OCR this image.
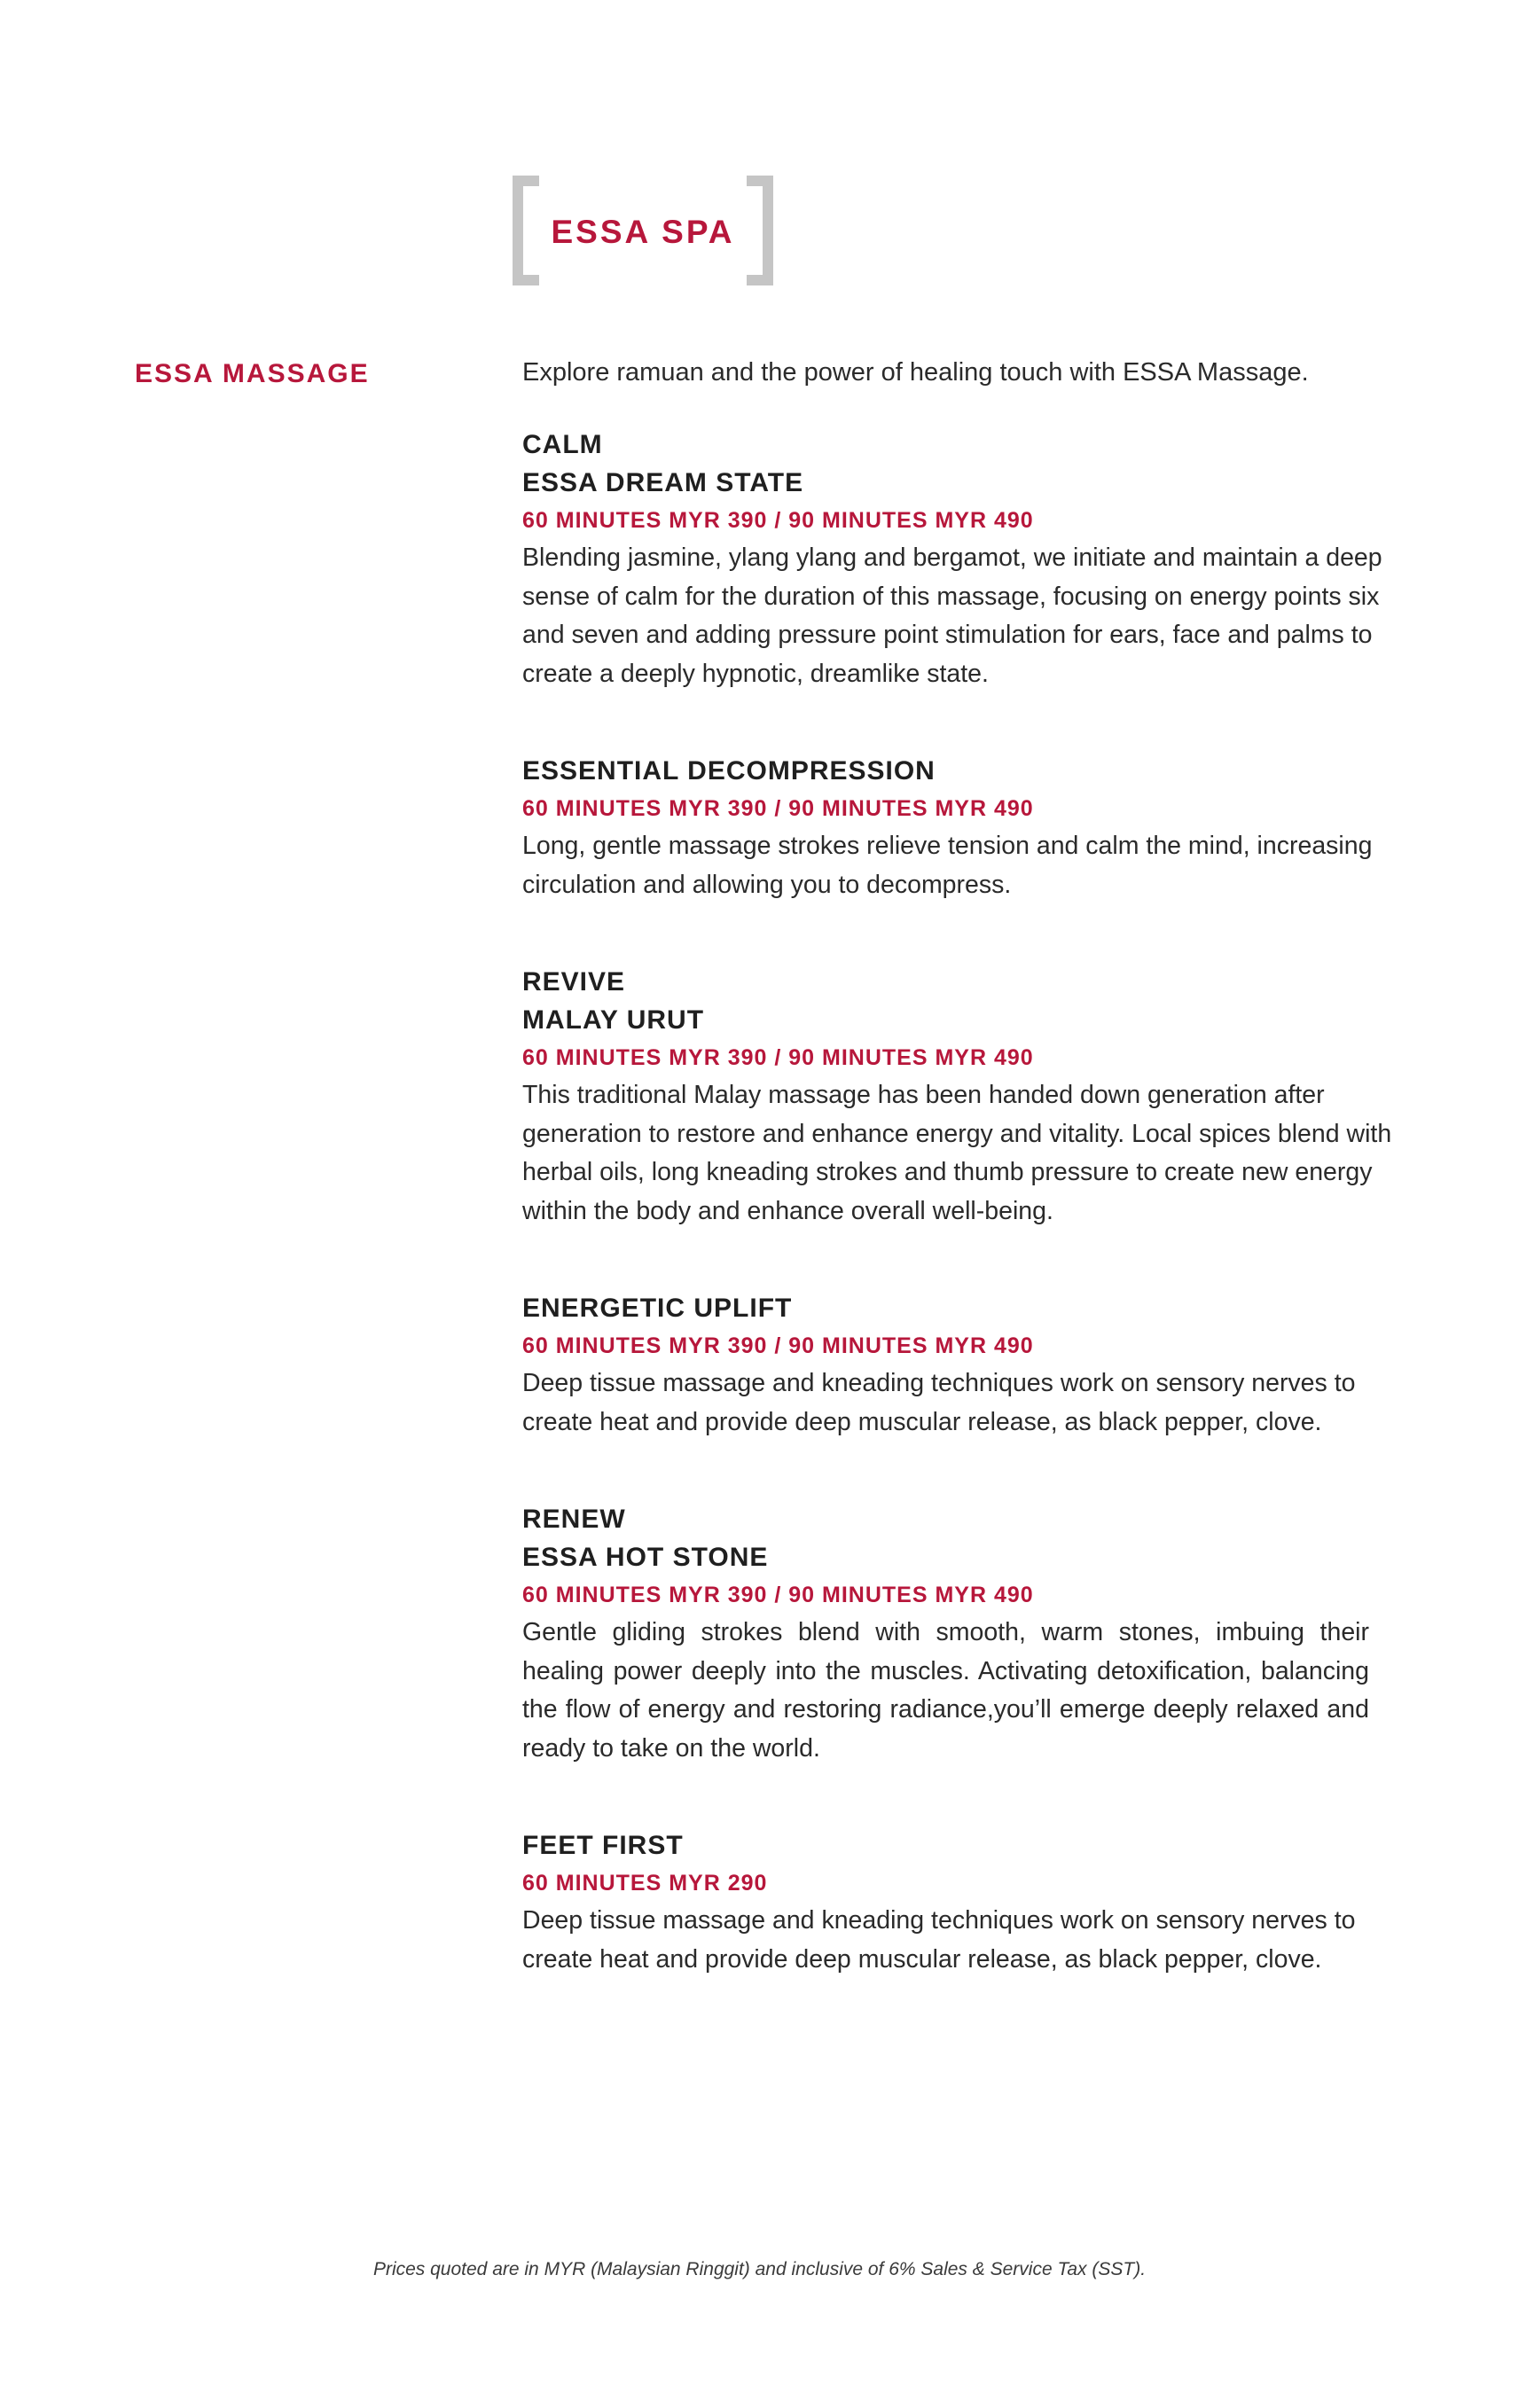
ESSA SPA
ESSA MASSAGE	Explore ramuan and the power of healing touch with ESSA Massage.

CALM
ESSA DREAM STATE
60 MINUTES MYR 390 / 90 MINUTES MYR 490

Blending jasmine, ylang ylang and bergamot, we initiate and maintain a deep sense of calm for the duration of this massage, focusing on energy points six and seven and adding pressure point stimulation for ears, face and palms to create a deeply hypnotic, dreamlike state.

ESSENTIAL DECOMPRESSION
60 MINUTES MYR 390 / 90 MINUTES MYR 490

Long, gentle massage strokes relieve tension and calm the mind, increasing circulation and allowing you to decompress.

REVIVE
MALAY URUT
60 MINUTES MYR 390 / 90 MINUTES MYR 490

This traditional Malay massage has been handed down generation after generation to restore and enhance energy and vitality. Local spices blend with herbal oils, long kneading strokes and thumb pressure to create new energy within the body and enhance overall well-being.

ENERGETIC UPLIFT
60 MINUTES MYR 390 / 90 MINUTES MYR 490

Deep tissue massage and kneading techniques work on sensory nerves to create heat and provide deep muscular release, as black pepper, clove.

RENEW
ESSA HOT STONE
60 MINUTES MYR 390 / 90 MINUTES MYR 490

Gentle gliding strokes blend with smooth, warm stones, imbuing their healing power deeply into the muscles. Activating detoxification, balancing the flow of energy and restoring radiance,you’ll emerge deeply relaxed and ready to take on the world.

FEET FIRST
60 MINUTES MYR 290

Deep tissue massage and kneading techniques work on sensory nerves to create heat and provide deep muscular release, as black pepper, clove.

Prices quoted are in MYR (Malaysian Ringgit) and inclusive of 6% Sales & Service Tax (SST).
